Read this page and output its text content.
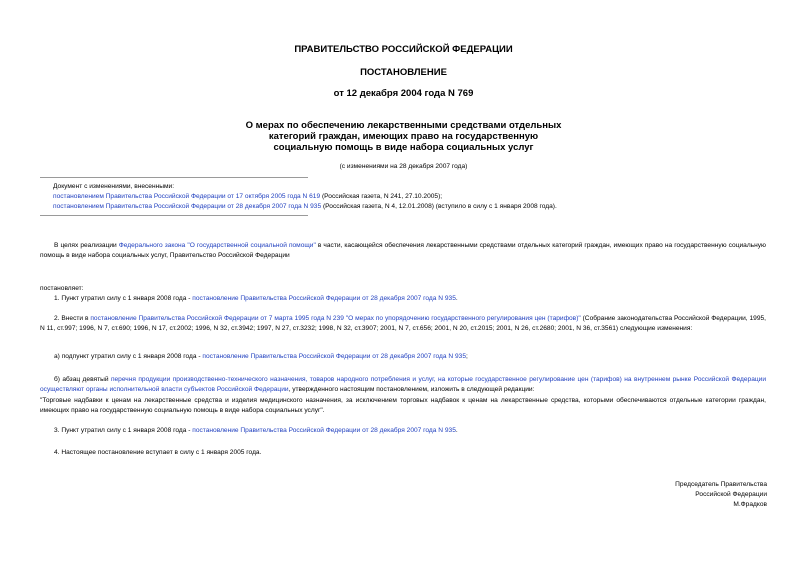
ПРАВИТЕЛЬСТВО РОССИЙСКОЙ ФЕДЕРАЦИИ
ПОСТАНОВЛЕНИЕ
от 12 декабря 2004 года N 769
О мерах по обеспечению лекарственными средствами отдельных
категорий граждан, имеющих право на государственную
социальную помощь в виде набора социальных услуг
(с изменениями на 28 декабря 2007 года)
Документ с изменениями, внесенными:
постановлением Правительства Российской Федерации от 17 октября 2005 года N 619 (Российская газета, N 241, 27.10.2005);
постановлением Правительства Российской Федерации от 28 декабря 2007 года N 935 (Российская газета, N 4, 12.01.2008) (вступило в силу с 1 января 2008 года).
В целях реализации Федерального закона "О государственной социальной помощи" в части, касающейся обеспечения лекарственными средствами отдельных категорий граждан, имеющих право на государственную социальную помощь в виде набора социальных услуг, Правительство Российской Федерации
постановляет:
1. Пункт утратил силу с 1 января 2008 года - постановление Правительства Российской Федерации от 28 декабря 2007 года N 935.
2. Внести в постановление Правительства Российской Федерации от 7 марта 1995 года N 239 "О мерах по упорядочению государственного регулирования цен (тарифов)" (Собрание законодательства Российской Федерации, 1995, N 11, ст.997; 1996, N 7, ст.690; 1996, N 17, ст.2002; 1996, N 32, ст.3942; 1997, N 27, ст.3232; 1998, N 32, ст.3907; 2001, N 7, ст.656; 2001, N 20, ст.2015; 2001, N 26, ст.2680; 2001, N 36, ст.3561) следующие изменения:
а) подпункт утратил силу с 1 января 2008 года - постановление Правительства Российской Федерации от 28 декабря 2007 года N 935;
б) абзац девятый перечня продукции производственно-технического назначения, товаров народного потребления и услуг, на которые государственное регулирование цен (тарифов) на внутреннем рынке Российской Федерации осуществляют органы исполнительной власти субъектов Российской Федерации, утвержденного настоящим постановлением, изложить в следующей редакции:
"Торговые надбавки к ценам на лекарственные средства и изделия медицинского назначения, за исключением торговых надбавок к ценам на лекарственные средства, которыми обеспечиваются отдельные категории граждан, имеющих право на государственную социальную помощь в виде набора социальных услуг".
3. Пункт утратил силу с 1 января 2008 года - постановление Правительства Российской Федерации от 28 декабря 2007 года N 935.
4. Настоящее постановление вступает в силу с 1 января 2005 года.
Председатель Правительства
Российской Федерации
М.Фрадков
